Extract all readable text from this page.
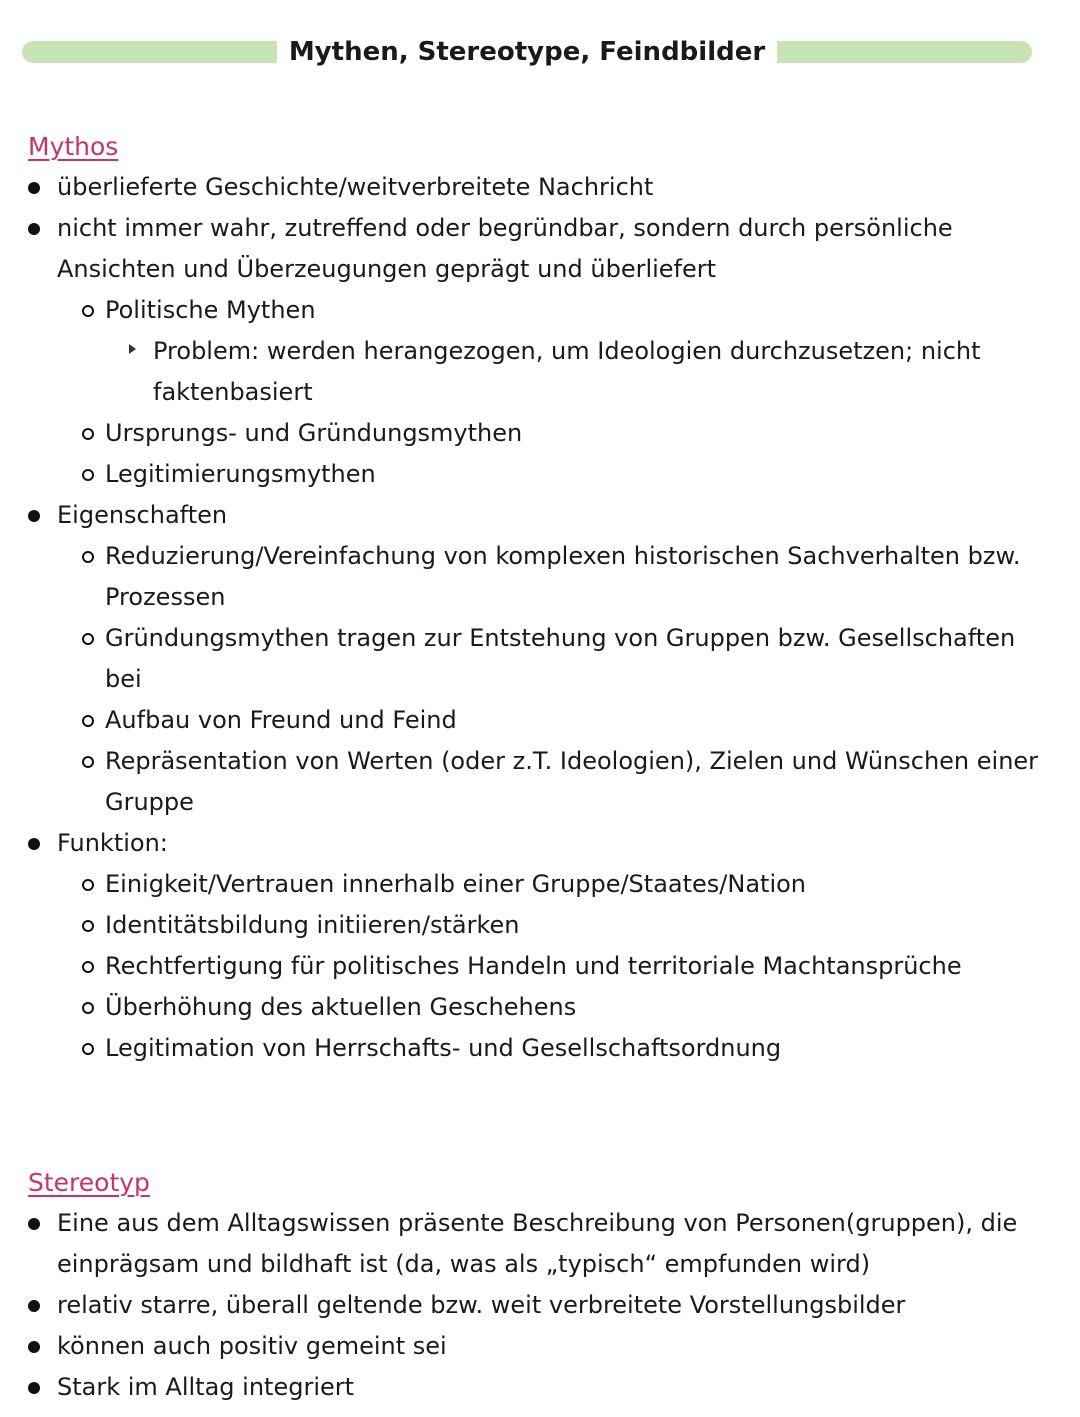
Mythen, Stereotype, Feindbilder
Mythos
überlieferte Geschichte/weitverbreitete Nachricht
nicht immer wahr, zutreffend oder begründbar, sondern durch persönliche Ansichten und Überzeugungen geprägt und überliefert
Politische Mythen
Problem: werden herangezogen, um Ideologien durchzusetzen; nicht faktenbasiert
Ursprungs- und Gründungsmythen
Legitimierungsmythen
Eigenschaften
Reduzierung/Vereinfachung von komplexen historischen Sachverhalten bzw. Prozessen
Gründungsmythen tragen zur Entstehung von Gruppen bzw. Gesellschaften bei
Aufbau von Freund und Feind
Repräsentation von Werten (oder z.T. Ideologien), Zielen und Wünschen einer Gruppe
Funktion:
Einigkeit/Vertrauen innerhalb einer Gruppe/Staates/Nation
Identitätsbildung initiieren/stärken
Rechtfertigung für politisches Handeln und territoriale Machtansprüche
Überhöhung des aktuellen Geschehens
Legitimation von Herrschafts- und Gesellschaftsordnung
Stereotyp
Eine aus dem Alltagswissen präsente Beschreibung von Personen(gruppen), die einprägsam und bildhaft ist (da, was als „typisch“ empfunden wird)
relativ starre, überall geltende bzw. weit verbreitete Vorstellungsbilder
können auch positiv gemeint sei
Stark im Alltag integriert
